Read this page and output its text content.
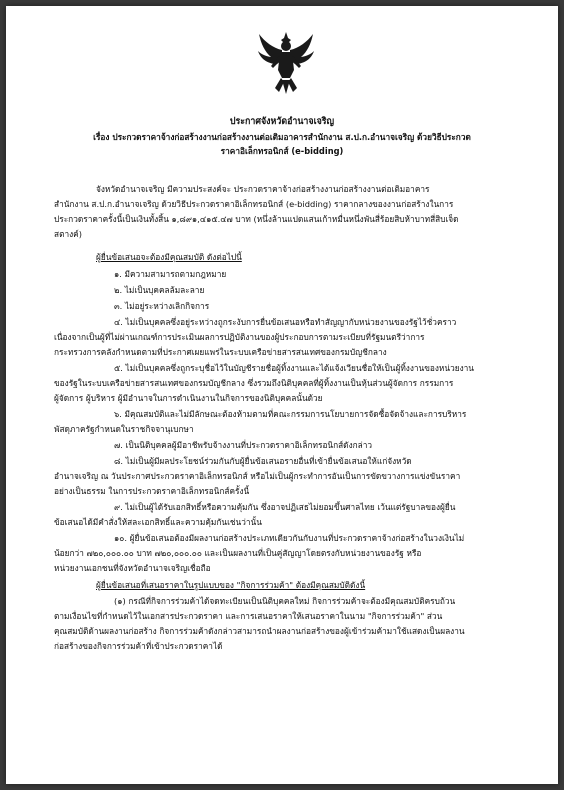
ประกาศจังหวัดอำนาจเจริญ
เรื่อง ประกวดราคาจ้างก่อสร้างงานก่อสร้างงานต่อเติมอาคารสำนักงาน ส.ป.ก.อำนาจเจริญ ด้วยวิธีประกวด
ราคาอิเล็กทรอนิกส์ (e-bidding)
จังหวัดอำนาจเจริญ มีความประสงค์จะ ประกวดราคาจ้างก่อสร้างงานก่อสร้างงานต่อเติมอาคาร
สำนักงาน ส.ป.ก.อำนาจเจริญ ด้วยวิธีประกวดราคาอิเล็กทรอนิกส์ (e-bidding) ราคากลางของงานก่อสร้างในการ
ประกวดราคาครั้งนี้เป็นเงินทั้งสิ้น ๑,๘๙๑,๔๑๕.๔๗ บาท (หนึ่งล้านแปดแสนเก้าหมื่นหนึ่งพันสี่ร้อยสิบห้าบาทสี่สิบเจ็ด
สตางค์)
ผู้ยื่นข้อเสนอจะต้องมีคุณสมบัติ ดังต่อไปนี้
๑. มีความสามารถตามกฎหมาย
๒. ไม่เป็นบุคคลล้มละลาย
๓. ไม่อยู่ระหว่างเลิกกิจการ
๔. ไม่เป็นบุคคลซึ่งอยู่ระหว่างถูกระงับการยื่นข้อเสนอหรือทำสัญญากับหน่วยงานของรัฐไว้ชั่วคราว
เนื่องจากเป็นผู้ที่ไม่ผ่านเกณฑ์การประเมินผลการปฏิบัติงานของผู้ประกอบการตามระเบียบที่รัฐมนตรีว่าการ
กระทรวงการคลังกำหนดตามที่ประกาศเผยแพร่ในระบบเครือข่ายสารสนเทศของกรมบัญชีกลาง
๕. ไม่เป็นบุคคลซึ่งถูกระบุชื่อไว้ในบัญชีรายชื่อผู้ทิ้งงานและได้แจ้งเวียนชื่อให้เป็นผู้ทิ้งงานของหน่วยงาน
ของรัฐในระบบเครือข่ายสารสนเทศของกรมบัญชีกลาง ซึ่งรวมถึงนิติบุคคลที่ผู้ทิ้งงานเป็นหุ้นส่วนผู้จัดการ กรรมการ
ผู้จัดการ ผู้บริหาร ผู้มีอำนาจในการดำเนินงานในกิจการของนิติบุคคลนั้นด้วย
๖. มีคุณสมบัติและไม่มีลักษณะต้องห้ามตามที่คณะกรรมการนโยบายการจัดซื้อจัดจ้างและการบริหาร
พัสดุภาครัฐกำหนดในราชกิจจานุเบกษา
๗. เป็นนิติบุคคลผู้มีอาชีพรับจ้างงานที่ประกวดราคาอิเล็กทรอนิกส์ดังกล่าว
๘. ไม่เป็นผู้มีผลประโยชน์ร่วมกันกับผู้ยื่นข้อเสนอรายอื่นที่เข้ายื่นข้อเสนอให้แก่จังหวัด
อำนาจเจริญ ณ วันประกาศประกวดราคาอิเล็กทรอนิกส์ หรือไม่เป็นผู้กระทำการอันเป็นการขัดขวางการแข่งขันราคา
อย่างเป็นธรรม ในการประกวดราคาอิเล็กทรอนิกส์ครั้งนี้
๙. ไม่เป็นผู้ได้รับเอกสิทธิ์หรือความคุ้มกัน ซึ่งอาจปฏิเสธไม่ยอมขึ้นศาลไทย เว้นแต่รัฐบาลของผู้ยื่น
ข้อเสนอได้มีคำสั่งให้สละเอกสิทธิ์และความคุ้มกันเช่นว่านั้น
๑๐. ผู้ยื่นข้อเสนอต้องมีผลงานก่อสร้างประเภทเดียวกันกับงานที่ประกวดราคาจ้างก่อสร้างในวงเงินไม่
น้อยกว่า ๗๒๐,๐๐๐.๐๐ บาท ๗๒๐,๐๐๐.๐๐ และเป็นผลงานที่เป็นคู่สัญญาโดยตรงกับหน่วยงานของรัฐ หรือ
หน่วยงานเอกชนที่จังหวัดอำนาจเจริญเชื่อถือ
ผู้ยื่นข้อเสนอที่เสนอราคาในรูปแบบของ "กิจการร่วมค้า" ต้องมีคุณสมบัติดังนี้
(๑) กรณีที่กิจการร่วมค้าได้จดทะเบียนเป็นนิติบุคคลใหม่ กิจการร่วมค้าจะต้องมีคุณสมบัติครบถ้วน
ตามเงื่อนไขที่กำหนดไว้ในเอกสารประกวดราคา และการเสนอราคาให้เสนอราคาในนาม "กิจการร่วมค้า" ส่วน
คุณสมบัติด้านผลงานก่อสร้าง กิจการร่วมค้าดังกล่าวสามารถนำผลงานก่อสร้างของผู้เข้าร่วมค้ามาใช้แสดงเป็นผลงาน
ก่อสร้างของกิจการร่วมค้าที่เข้าประกวดราคาได้
